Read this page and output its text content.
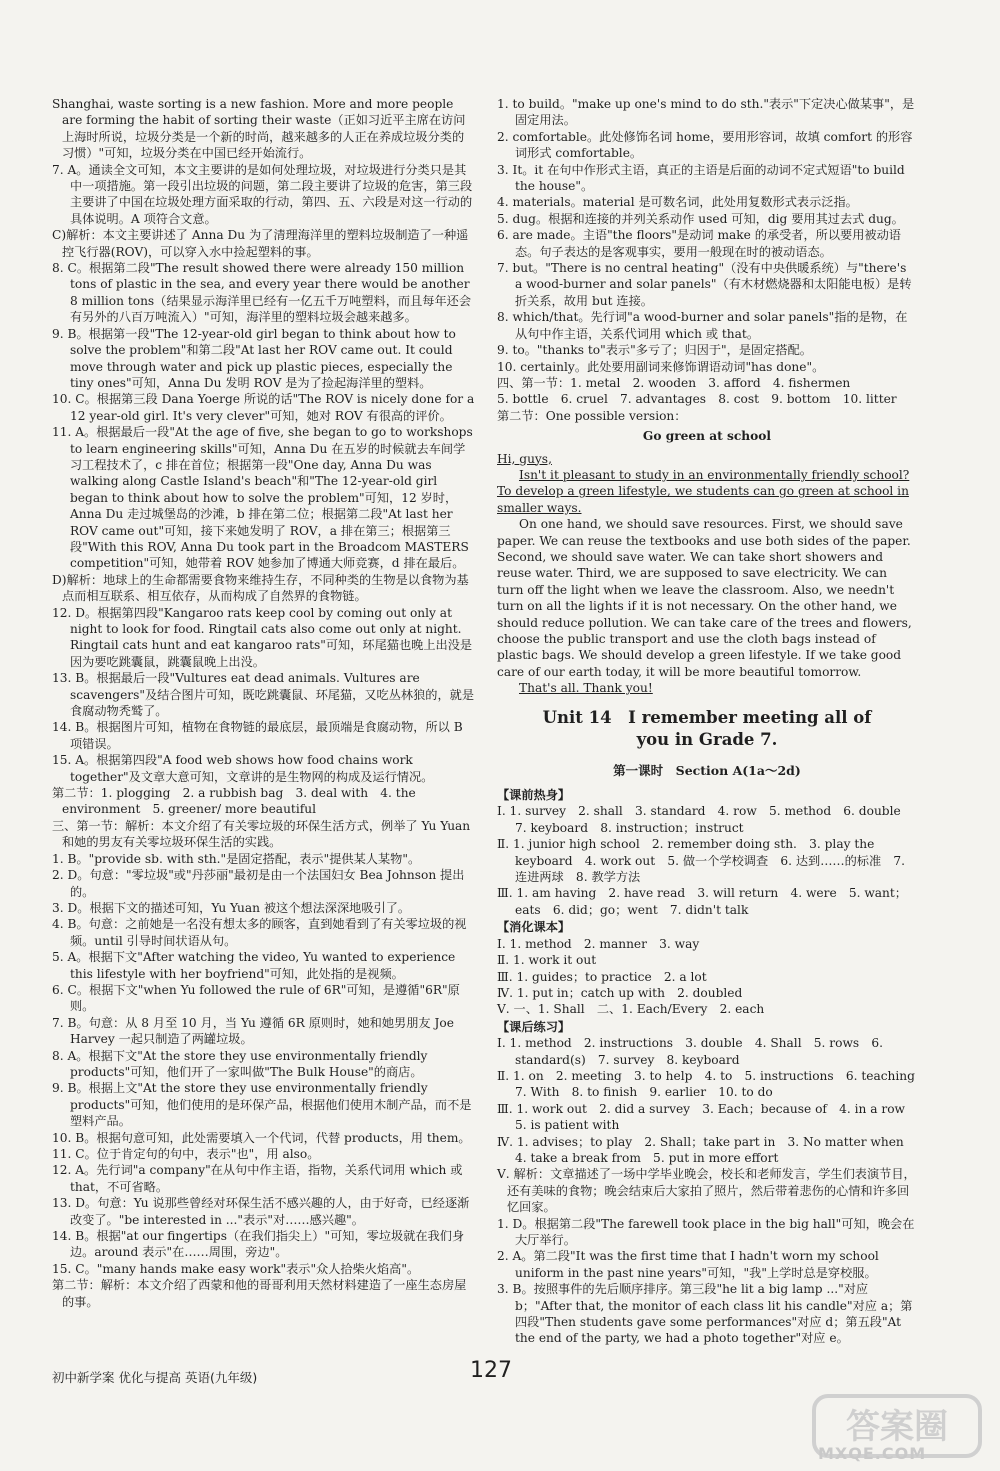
Shanghai, waste sorting is a new fashion. More and more people are forming the habit of sorting their waste（正如习近平主席在访问上海时所说，垃圾分类是一个新的时尚，越来越多的人正在养成垃圾分类的习惯）"可知，垃圾分类在中国已经开始流行。

7. A。通读全文可知，本文主要讲的是如何处理垃圾，对垃圾进行分类只是其中一项措施。第一段引出垃圾的问题，第二段主要讲了垃圾的危害，第三段主要讲了中国在垃圾处理方面采取的行动，第四、五、六段是对这一行动的具体说明。A 项符合文意。

C)解析：本文主要讲述了 Anna Du 为了清理海洋里的塑料垃圾制造了一种遥控飞行器(ROV)，可以穿入水中捡起塑料的事。

8. C。根据第二段"The result showed there were already 150 million tons of plastic in the sea, and every year there would be another 8 million tons（结果显示海洋里已经有一亿五千万吨塑料，而且每年还会有另外的八百万吨流入）"可知，海洋里的塑料垃圾会越来越多。

9. B。根据第一段"The 12-year-old girl began to think about how to solve the problem"和第二段"At last her ROV came out. It could move through water and pick up plastic pieces, especially the tiny ones"可知，Anna Du 发明 ROV 是为了捡起海洋里的塑料。

10. C。根据第三段 Dana Yoerge 所说的话"The ROV is nicely done for a 12 year-old girl. It's very clever"可知，她对 ROV 有很高的评价。

11. A。根据最后一段"At the age of five, she began to go to workshops to learn engineering skills"可知，Anna Du 在五岁的时候就去车间学习工程技术了，c 排在首位；根据第一段"One day, Anna Du was walking along Castle Island's beach"和"The 12-year-old girl began to think about how to solve the problem"可知，12 岁时，Anna Du 走过城堡岛的沙滩，b 排在第二位；根据第二段"At last her ROV came out"可知，接下来她发明了 ROV，a 排在第三；根据第三段"With this ROV, Anna Du took part in the Broadcom MASTERS competition"可知，她带着 ROV 她参加了博通大师竞赛，d 排在最后。

D)解析：地球上的生命都需要食物来维持生存，不同种类的生物是以食物为基点而相互联系、相互依存，从而构成了自然界的食物链。

12. D。根据第四段"Kangaroo rats keep cool by coming out only at night to look for food. Ringtail cats also come out only at night. Ringtail cats hunt and eat kangaroo rats"可知，环尾猫也晚上出没是因为要吃跳囊鼠，跳囊鼠晚上出没。

13. B。根据最后一段"Vultures eat dead animals. Vultures are scavengers"及结合图片可知，既吃跳囊鼠、环尾猫，又吃丛林狼的，就是食腐动物秃鹫了。

14. B。根据图片可知，植物在食物链的最底层，最顶端是食腐动物，所以 B 项错误。

15. A。根据第四段"A food web shows how food chains work together"及文章大意可知，文章讲的是生物网的构成及运行情况。

第二节：1. plogging　2. a rubbish bag　3. deal with　4. the environment　5. greener/ more beautiful

三、第一节：解析：本文介绍了有关零垃圾的环保生活方式，例举了 Yu Yuan 和她的男友有关零垃圾环保生活的实践。

1. B。"provide sb. with sth."是固定搭配，表示"提供某人某物"。

2. D。句意："零垃圾"或"丹莎丽"最初是由一个法国妇女 Bea Johnson 提出的。

3. D。根据下文的描述可知，Yu Yuan 被这个想法深深地吸引了。

4. B。句意：之前她是一名没有想太多的顾客，直到她看到了有关零垃圾的视频。until 引导时间状语从句。

5. A。根据下文"After watching the video, Yu wanted to experience this lifestyle with her boyfriend"可知，此处指的是视频。

6. C。根据下文"when Yu followed the rule of 6R"可知，是遵循"6R"原则。

7. B。句意：从 8 月至 10 月，当 Yu 遵循 6R 原则时，她和她男朋友 Joe Harvey 一起只制造了两罐垃圾。

8. A。根据下文"At the store they use environmentally friendly products"可知，他们开了一家叫做"The Bulk House"的商店。

9. B。根据上文"At the store they use environmentally friendly products"可知，他们使用的是环保产品，根据他们使用木制产品，而不是塑料产品。

10. B。根据句意可知，此处需要填入一个代词，代替 products，用 them。

11. C。位于肯定句的句中，表示"也"，用 also。

12. A。先行词"a company"在从句中作主语，指物，关系代词用 which 或 that，不可省略。

13. D。句意：Yu 说那些曾经对环保生活不感兴趣的人，由于好奇，已经逐渐改变了。"be interested in ..."表示"对……感兴趣"。

14. B。根据"at our fingertips（在我们指尖上）"可知，零垃圾就在我们身边。around 表示"在……周围，旁边"。

15. C。"many hands make easy work"表示"众人拾柴火焰高"。

第二节：解析：本文介绍了西蒙和他的哥哥利用天然材料建造了一座生态房屋的事。

1. to build。"make up one's mind to do sth."表示"下定决心做某事"，是固定用法。

2. comfortable。此处修饰名词 home，要用形容词，故填 comfort 的形容词形式 comfortable。

3. It。it 在句中作形式主语，真正的主语是后面的动词不定式短语"to build the house"。

4. materials。material 是可数名词，此处用复数形式表示泛指。

5. dug。根据和连接的并列关系动作 used 可知，dig 要用其过去式 dug。

6. are made。主语"the floors"是动词 make 的承受者，所以要用被动语态。句子表达的是客观事实，要用一般现在时的被动语态。

7. but。"There is no central heating"（没有中央供暖系统）与"there's a wood-burner and solar panels"（有木材燃烧器和太阳能电板）是转折关系，故用 but 连接。

8. which/that。先行词"a wood-burner and solar panels"指的是物，在从句中作主语，关系代词用 which 或 that。

9. to。"thanks to"表示"多亏了；归因于"，是固定搭配。

10. certainly。此处要用副词来修饰谓语动词"has done"。

四、第一节：1. metal　2. wooden　3. afford　4. fishermen

5. bottle　6. cruel　7. advantages　8. cost　9. bottom　10. litter

第二节：One possible version：

Go green at school

Hi, guys,

Isn't it pleasant to study in an environmentally friendly school? To develop a green lifestyle, we students can go green at school in smaller ways.

On one hand, we should save resources. First, we should save paper. We can reuse the textbooks and use both sides of the paper. Second, we should save water. We can take short showers and reuse water. Third, we are supposed to save electricity. We can turn off the light when we leave the classroom. Also, we needn't turn on all the lights if it is not necessary. On the other hand, we should reduce pollution. We can take care of the trees and flowers, choose the public transport and use the cloth bags instead of plastic bags. We should develop a green lifestyle. If we take good care of our earth today, it will be more beautiful tomorrow.

That's all. Thank you!

Unit 14　I remember meeting all of
you in Grade 7.
第一课时　Section A(1a～2d)

【课前热身】

Ⅰ. 1. survey　2. shall　3. standard　4. row　5. method　6. double　7. keyboard　8. instruction；instruct

Ⅱ. 1. junior high school　2. remember doing sth.　3. play the keyboard　4. work out　5. 做一个学校调查　6. 达到……的标准　7. 连进两球　8. 教学方法

Ⅲ. 1. am having　2. have read　3. will return　4. were　5. want；eats　6. did；go；went　7. didn't talk

【消化课本】

Ⅰ. 1. method　2. manner　3. way

Ⅱ. 1. work it out

Ⅲ. 1. guides；to practice　2. a lot

Ⅳ. 1. put in；catch up with　2. doubled

Ⅴ. 一、1. Shall　二、1. Each/Every　2. each

【课后练习】

Ⅰ. 1. method　2. instructions　3. double　4. Shall　5. rows　6. standard(s)　7. survey　8. keyboard

Ⅱ. 1. on　2. meeting　3. to help　4. to　5. instructions　6. teaching　7. With　8. to finish　9. earlier　10. to do

Ⅲ. 1. work out　2. did a survey　3. Each；because of　4. in a row　5. is patient with

Ⅳ. 1. advises；to play　2. Shall；take part in　3. No matter when　4. take a break from　5. put in more effort

Ⅴ. 解析：文章描述了一场中学毕业晚会，校长和老师发言，学生们表演节目，还有美味的食物；晚会结束后大家拍了照片，然后带着悲伤的心情和许多回忆回家。

1. D。根据第二段"The farewell took place in the big hall"可知，晚会在大厅举行。

2. A。第二段"It was the first time that I hadn't worn my school uniform in the past nine years"可知，"我"上学时总是穿校服。

3. B。按照事件的先后顺序排序。第三段"he lit a big lamp ..."对应 b；"After that, the monitor of each class lit his candle"对应 a；第四段"Then students gave some performances"对应 d；第五段"At the end of the party, we had a photo together"对应 e。

初中新学案 优化与提高 英语(九年级)	127
答案圈
MXQE.COM
